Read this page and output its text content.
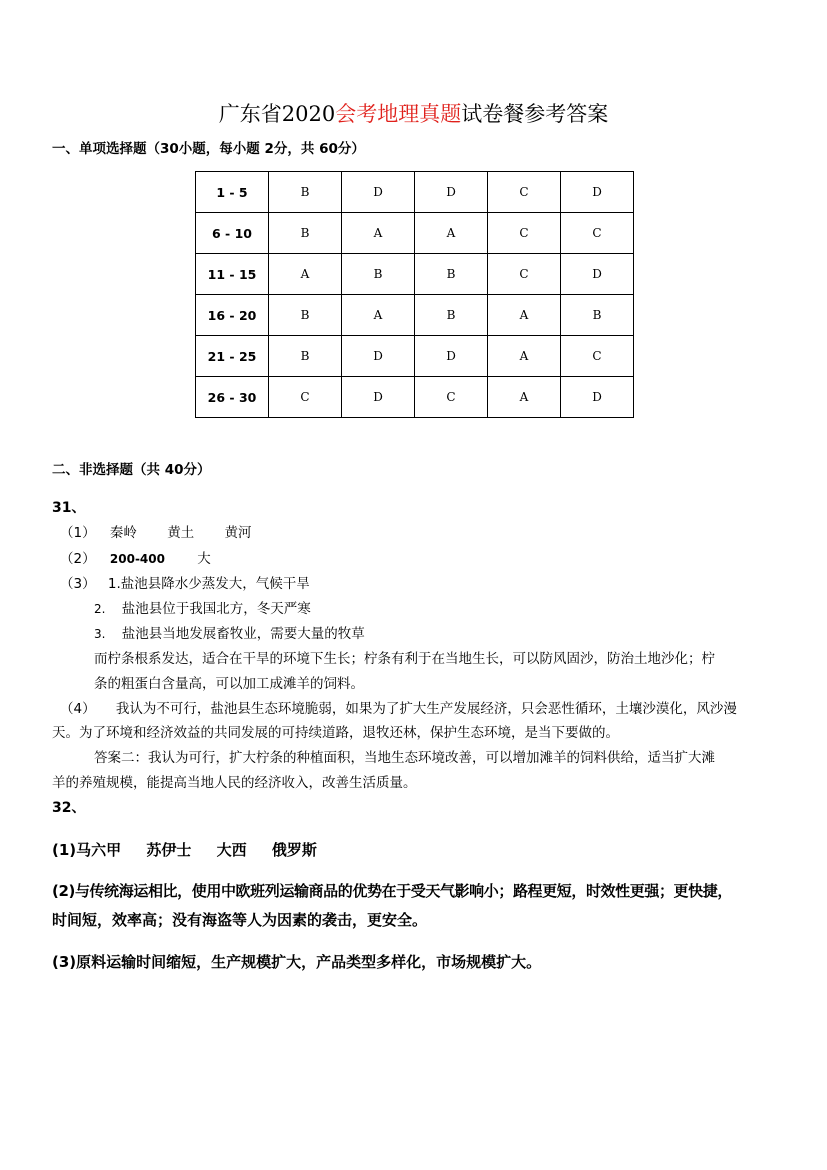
广东省2020会考地理真题试卷餐参考答案
一、单项选择题（30小题，每小题 2分，共 60分）
1 - 5	B	D	D	C	D
6 - 10	B	A	A	C	C
11 - 15	A	B	B	C	D
16 - 20	B	A	B	A	B
21 - 25	B	D	D	A	C
26 - 30	C	D	C	A	D
二、非选择题（共 40分）
31、
（1） 秦岭 黄土 黄河
（2） 200-400 大
（3） 1.盐池县降水少蒸发大，气候干旱
2. 盐池县位于我国北方，冬天严寒
3. 盐池县当地发展畜牧业，需要大量的牧草
而柠条根系发达，适合在干旱的环境下生长；柠条有利于在当地生长，可以防风固沙，防治土地沙化；柠
条的粗蛋白含量高，可以加工成滩羊的饲料。
（4） 我认为不可行，盐池县生态环境脆弱，如果为了扩大生产发展经济，只会恶性循环，土壤沙漠化，风沙漫
天。为了环境和经济效益的共同发展的可持续道路，退牧还林，保护生态环境，是当下要做的。
答案二：我认为可行，扩大柠条的种植面积，当地生态环境改善，可以增加滩羊的饲料供给，适当扩大滩
羊的养殖规模，能提高当地人民的经济收入，改善生活质量。
32、
(1)马六甲 苏伊士 大西 俄罗斯
(2)与传统海运相比，使用中欧班列运输商品的优势在于受天气影响小；路程更短，时效性更强；更快捷，
时间短，效率高；没有海盗等人为因素的袭击，更安全。
(3)原料运输时间缩短，生产规模扩大，产品类型多样化，市场规模扩大。
